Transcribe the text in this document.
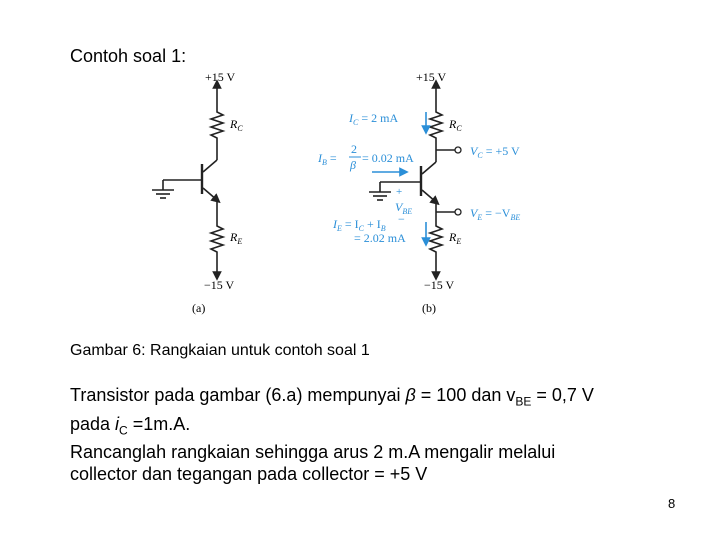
Contoh soal 1:
+15 V
$R_C$
$R_E$
−15 V
(a)
+15 V
$R_C$
$R_E$
−15 V
(b)
$I_C = 2$ mA
$I_B$ =
2
β = 0.02 mA	$V_C = +5$ V
+
$V_{BE}$
−	$V_E = -V_{BE}$
$I_E = I_C + I_B$
= 2.02 mA
Gambar 6: Rangkaian untuk contoh soal 1
Transistor pada gambar (6.a) mempunyai β = 100 dan $v_{BE} = 0,7$ V
pada $i_C =1m.A$.
Rancanglah rangkaian sehingga arus 2 m.A mengalir melalui
collector dan tegangan pada collector = +5 V
8
